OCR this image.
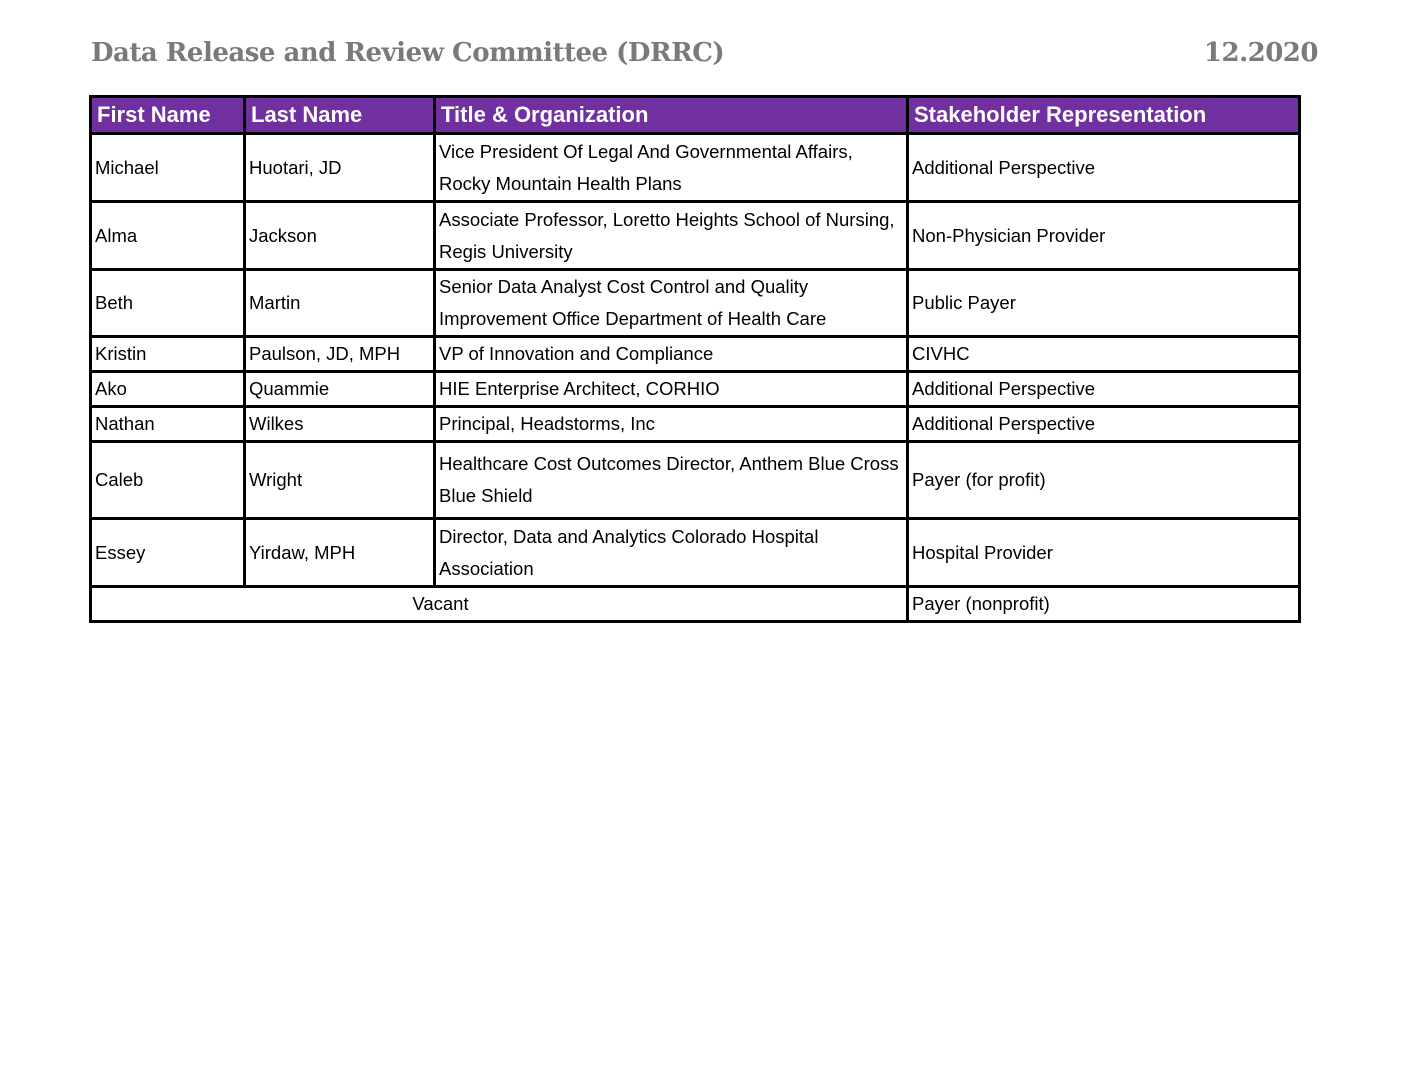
Data Release and Review Committee (DRRC)	12.2020
First Name	Last Name	Title & Organization	Stakeholder Representation
Michael	Huotari, JD	Vice President Of Legal And Governmental Affairs, Rocky Mountain Health Plans	Additional Perspective
Alma	Jackson	Associate Professor, Loretto Heights School of Nursing, Regis University	Non-Physician Provider
Beth	Martin	Senior Data Analyst Cost Control and Quality Improvement Office Department of Health Care	Public Payer
Kristin	Paulson, JD, MPH	VP of Innovation and Compliance	CIVHC
Ako	Quammie	HIE Enterprise Architect, CORHIO	Additional Perspective
Nathan	Wilkes	Principal, Headstorms, Inc	Additional Perspective
Caleb	Wright	Healthcare Cost Outcomes Director, Anthem Blue Cross Blue Shield	Payer (for profit)
Essey	Yirdaw, MPH	Director, Data and Analytics Colorado Hospital Association	Hospital Provider
Vacant			Payer (nonprofit)
